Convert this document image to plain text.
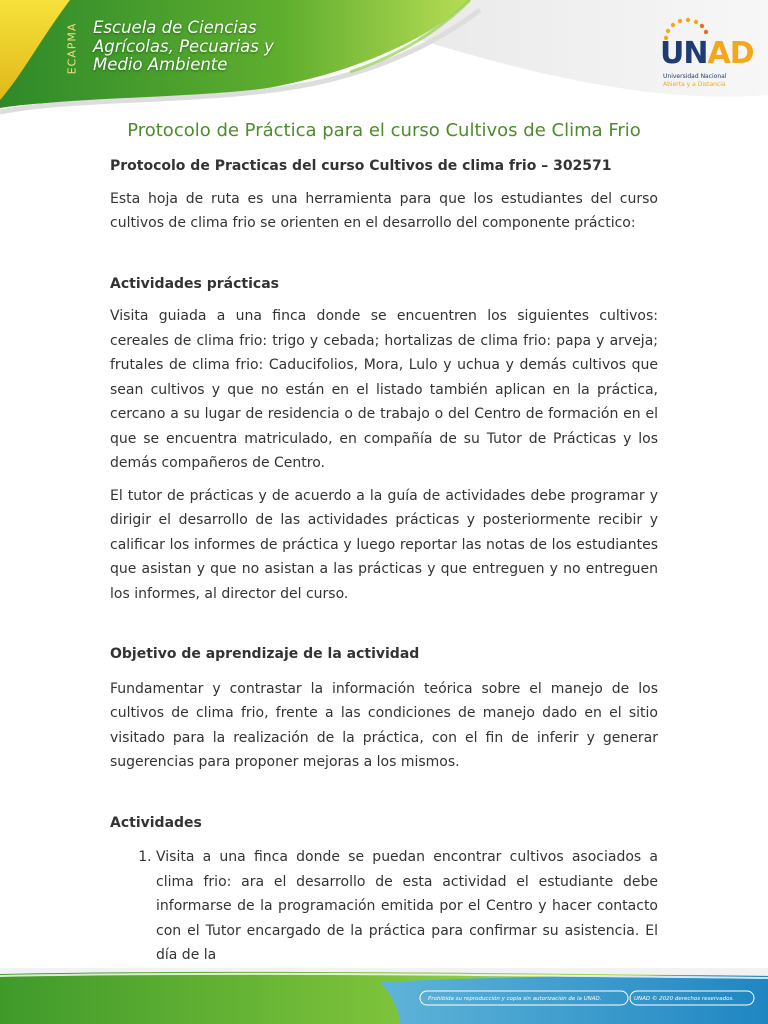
ECAPMA Escuela de Ciencias
Agrícolas, Pecuarias y
Medio Ambiente	UNAD
Universidad Nacional
Abierta y a Distancia
Protocolo de Práctica para el curso Cultivos de Clima Frio

Protocolo de Practicas del curso Cultivos de clima frio – 302571

Esta hoja de ruta es una herramienta para que los estudiantes del curso cultivos de clima frio se orienten en el desarrollo del componente práctico:

Actividades prácticas

Visita guiada a una finca donde se encuentren los siguientes cultivos: cereales de clima frio: trigo y cebada; hortalizas de clima frio: papa y arveja; frutales de clima frio: Caducifolios, Mora, Lulo y uchua y demás cultivos que sean cultivos y que no están en el listado también aplican en la práctica, cercano a su lugar de residencia o de trabajo o del Centro de formación en el que se encuentra matriculado, en compañía de su Tutor de Prácticas y los demás compañeros de Centro.

El tutor de prácticas y de acuerdo a la guía de actividades debe programar y dirigir el desarrollo de las actividades prácticas y posteriormente recibir y calificar los informes de práctica y luego reportar las notas de los estudiantes que asistan y que no asistan a las prácticas y que entreguen y no entreguen los informes, al director del curso.

Objetivo de aprendizaje de la actividad

Fundamentar y contrastar la información teórica sobre el manejo de los cultivos de clima frio, frente a las condiciones de manejo dado en el sitio visitado para la realización de la práctica, con el fin de inferir y generar sugerencias para proponer mejoras a los mismos.

Actividades

1. Visita a una finca donde se puedan encontrar cultivos asociados a clima frio: ara el desarrollo de esta actividad el estudiante debe informarse de la programación emitida por el Centro y hacer contacto con el Tutor encargado de la práctica para confirmar su asistencia. El día de la
Prohibida su reproducción y copia sin autorización de la UNAD.	UNAD © 2020 derechos reservados.
